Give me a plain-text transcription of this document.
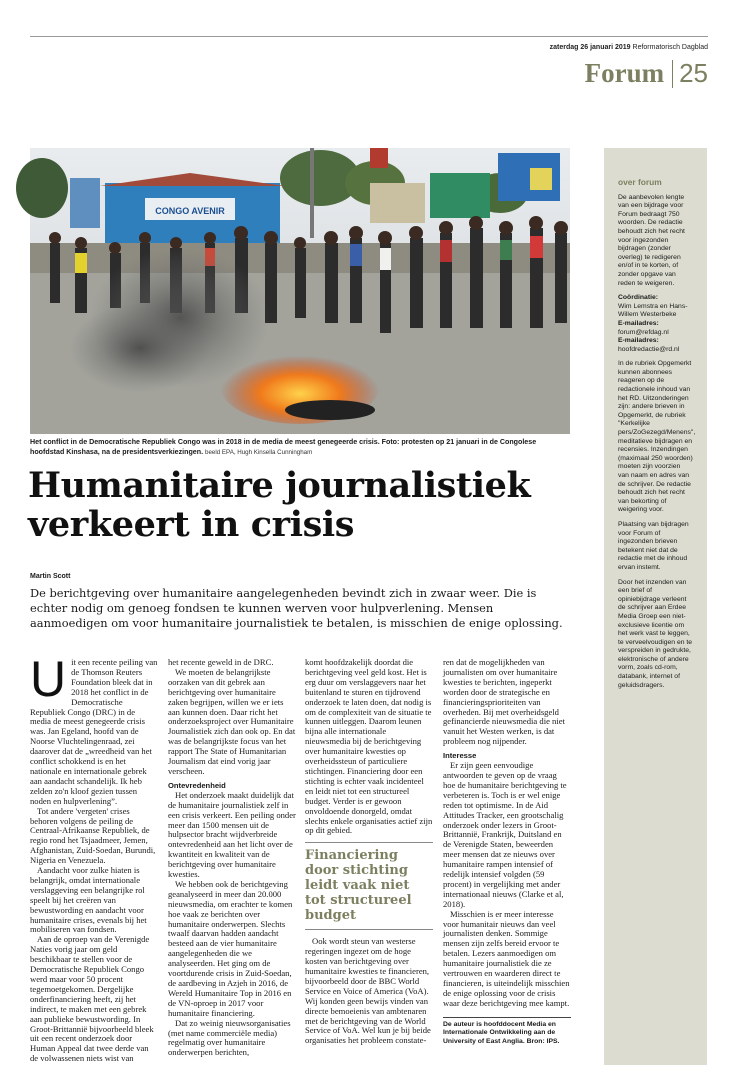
zaterdag 26 januari 2019 Reformatorisch Dagblad
Forum 25
CONGO AVENIR
Het conflict in de Democratische Republiek Congo was in 2018 in de media de meest genegeerde crisis. Foto: protesten op 21 januari in de Congolese hoofdstad Kinshasa, na de presidentsverkiezingen. beeld EPA, Hugh Kinsella Cunningham
Humanitaire journalistiek
verkeert in crisis
Martin Scott

De berichtgeving over humanitaire aangelegenheden bevindt zich in zwaar weer. Die is echter nodig om genoeg fondsen te kunnen werven voor hulpverlening. Mensen aanmoedigen om voor humanitaire journalistiek te betalen, is misschien de enige oplossing.

U it een recente peiling van de Thomson Reuters Foundation bleek dat in 2018 het conflict in de Democratische Republiek Congo (DRC) in de media de meest genegeerde crisis was. Jan Egeland, hoofd van de Noorse Vluchtelingenraad, zei daarover dat de „wreedheid van het conflict schokkend is en het nationale en internationale gebrek aan aandacht schandelijk. Ik heb zelden zo'n kloof gezien tussen noden en hulpverlening”.

Tot andere 'vergeten' crises behoren volgens de peiling de Centraal-Afrikaanse Republiek, de regio rond het Tsjaadmeer, Jemen, Afghanistan, Zuid-Soedan, Burundi, Nigeria en Venezuela.

Aandacht voor zulke hiaten is belangrijk, omdat internationale verslaggeving een belangrijke rol speelt bij het creëren van bewustwording en aandacht voor humanitaire crises, evenals bij het mobiliseren van fondsen.

Aan de oproep van de Verenigde Naties vorig jaar om geld beschikbaar te stellen voor de Democratische Republiek Congo werd maar voor 50 procent tegemoetgekomen. Dergelijke onderfinanciering heeft, zij het indirect, te maken met een gebrek aan publieke bewustwording. In Groot-Brittannië bijvoorbeeld bleek uit een recent onderzoek door Human Appeal dat twee derde van de volwassenen niets wist van

het recente geweld in de DRC.

We moeten de belangrijkste oorzaken van dit gebrek aan berichtgeving over humanitaire zaken begrijpen, willen we er iets aan kunnen doen. Daar richt het onderzoeksproject over Humanitaire Journalistiek zich dan ook op. En dat was de belangrijkste focus van het rapport The State of Humanitarian Journalism dat eind vorig jaar verscheen.

Ontevredenheid

Het onderzoek maakt duidelijk dat de humanitaire journalistiek zelf in een crisis verkeert. Een peiling onder meer dan 1500 mensen uit de hulpsector bracht wijdverbreide ontevredenheid aan het licht over de kwantiteit en kwaliteit van de berichtgeving over humanitaire kwesties.

We hebben ook de berichtgeving geanalyseerd in meer dan 20.000 nieuwsmedia, om erachter te komen hoe vaak ze berichten over humanitaire onderwerpen. Slechts twaalf daarvan hadden aandacht besteed aan de vier humanitaire aangelegenheden die we analyseerden. Het ging om de voortdurende crisis in Zuid-Soedan, de aardbeving in Azjeh in 2016, de Wereld Humanitaire Top in 2016 en de VN-oproep in 2017 voor humanitaire financiering.

Dat zo weinig nieuwsorganisaties (met name commerciële media) regelmatig over humanitaire onderwerpen berichten,

komt hoofdzakelijk doordat die berichtgeving veel geld kost. Het is erg duur om verslaggevers naar het buitenland te sturen en tijdrovend onderzoek te laten doen, dat nodig is om de complexiteit van de situatie te kunnen uitleggen. Daarom leunen bijna alle internationale nieuwsmedia bij de berichtgeving over humanitaire kwesties op overheidssteun of particuliere stichtingen. Financiering door een stichting is echter vaak incidenteel en leidt niet tot een structureel budget. Verder is er gewoon onvoldoende donorgeld, omdat slechts enkele organisaties actief zijn op dit gebied.

Financiering door stichting leidt vaak niet tot structureel budget

Ook wordt steun van westerse regeringen ingezet om de hoge kosten van berichtgeving over humanitaire kwesties te financieren, bijvoorbeeld door de BBC World Service en Voice of America (VoA). Wij konden geen bewijs vinden van directe bemoeienis van ambtenaren met de berichtgeving van de World Service of VoA. Wel kun je bij beide organisaties het probleem constate-

ren dat de mogelijkheden van journalisten om over humanitaire kwesties te berichten, ingeperkt worden door de strategische en financieringsprioriteiten van overheden. Bij met overheidsgeld gefinancierde nieuwsmedia die niet vanuit het Westen werken, is dat probleem nog nijpender.

Interesse

Er zijn geen eenvoudige antwoorden te geven op de vraag hoe de humanitaire berichtgeving te verbeteren is. Toch is er wel enige reden tot optimisme. In de Aid Attitudes Tracker, een grootschalig onderzoek onder lezers in Groot-Brittannië, Frankrijk, Duitsland en de Verenigde Staten, beweerden meer mensen dat ze nieuws over humanitaire rampen intensief of redelijk intensief volgden (59 procent) in vergelijking met ander internationaal nieuws (Clarke et al, 2018).

Misschien is er meer interesse voor humanitair nieuws dan veel journalisten denken. Sommige mensen zijn zelfs bereid ervoor te betalen. Lezers aanmoedigen om humanitaire journalistiek die ze vertrouwen en waarderen direct te financieren, is uiteindelijk misschien de enige oplossing voor de crisis waar deze berichtgeving mee kampt.

De auteur is hoofddocent Media en Internationale Ontwikkeling aan de University of East Anglia. Bron: IPS.
over forum

De aanbevolen lengte van een bijdrage voor Forum bedraagt 750 woorden. De redactie behoudt zich het recht voor ingezonden bijdragen (zonder overleg) te redigeren en/of in te korten, of zonder opgave van reden te weigeren.

Coördinatie:
Wim Lemstra en Hans-Willem Westerbeke
E-mailadres:
forum@refdag.nl
E-mailadres:
hoofdredactie@rd.nl

In de rubriek Opgemerkt kunnen abonnees reageren op de redactionele inhoud van het RD. Uitzonderingen zijn: andere brieven in Opgemerkt, de rubriek "Kerkelijke pers/ZoGezegd/Menens", meditatieve bijdragen en recensies. Inzendingen (maximaal 250 woorden) moeten zijn voorzien van naam en adres van de schrijver. De redactie behoudt zich het recht van bekorting of weigering voor.

Plaatsing van bijdragen voor Forum of ingezonden brieven betekent niet dat de redactie met de inhoud ervan instemt.

Door het inzenden van een brief of opiniebijdrage verleent de schrijver aan Erdee Media Groep een niet-exclusieve licentie om het werk vast te leggen, te verveelvoudigen en te verspreiden in gedrukte, elektronische of andere vorm, zoals cd-rom, databank, internet of geluidsdragers.
